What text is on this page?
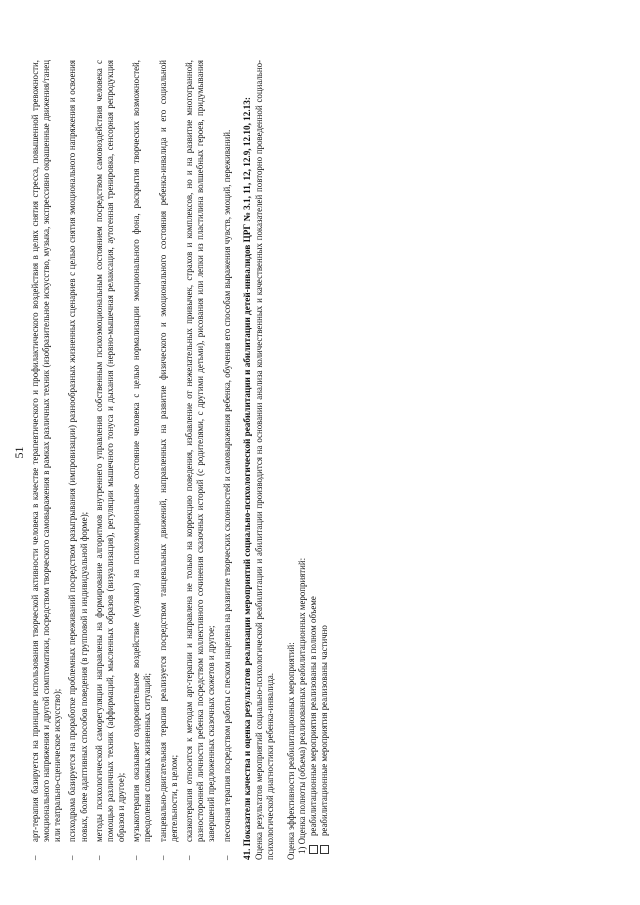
51
–
арт-терапия базируется на принципе использования творческой активности человека в качестве терапевтического и профилактического воздействия в целях снятия стресса, повышенной тревожности, эмоционального напряжения и другой симптоматики, посредством творческого самовыражения в рамках различных техник (изобразительное искусство, музыка, экспрессивно окрашенные движения/танец или театрально-сценическое искусство);
–
психодрама базируется на проработке проблемных переживаний посредством разыгрывания (импровизации) разнообразных жизненных сценариев с целью снятия эмоционального напряжения и освоения новых, более адаптивных способов поведения (в групповой и индивидуальной форме);
–
методы психологической саморегуляции направлены на формирование алгоритмов внутреннего управления собственным психоэмоциональным состоянием посредством самовоздействия человека с помощью различных техник (аффирмаций, мысленных образов (визуализация), регуляции мышечного тонуса и дыхания (нервно-мышечная релаксация, аутогенная тренировка, сенсорная репродукция образов и другое);
–
музыкотерапия оказывает оздоровительное воздействие (музыки) на психоэмоциональное состояние человека с целью нормализации эмоционального фона, раскрытия творческих возможностей, преодоления сложных жизненных ситуаций;
–
танцевально-двигательная терапия реализуется посредством танцевальных движений, направленных на развитие физического и эмоционального состояния ребенка-инвалида и его социальной деятельности, в целом;
–
сказкотерапия относится к методам арт-терапии и направлена не только на коррекцию поведения, избавление от нежелательных привычек, страхов и комплексов, но и на развитие многогранной, разносторонней личности ребенка посредством коллективного сочинения сказочных историй (с родителями, с другими детьми), рисования или лепки из пластилина волшебных героев, придумывания завершений предложенных сказочных сюжетов и другое;
–
песочная терапия посредством работы с песком нацелена на развитие творческих склонностей и самовыражения ребенка, обучения его способам выражения чувств, эмоций, переживаний. 41. Показатели качества и оценка результатов реализации мероприятий социально-психологической реабилитации и абилитации детей-инвалидов ЦРГ № 3.1, 11, 12, 12.9, 12.10, 12.13: Оценка результатов мероприятий социально-психологической реабилитации и абилитации производится на основании анализа количественных и качественных показателей повторно проведенной социально-психологической диагностики ребенка-инвалида. Оценка эффективности реабилитационных мероприятий: 1) Оценка полноты (объема) реализованных реабилитационных мероприятий: реабилитационные мероприятия реализованы в полном объеме реабилитационные мероприятия реализованы частично
